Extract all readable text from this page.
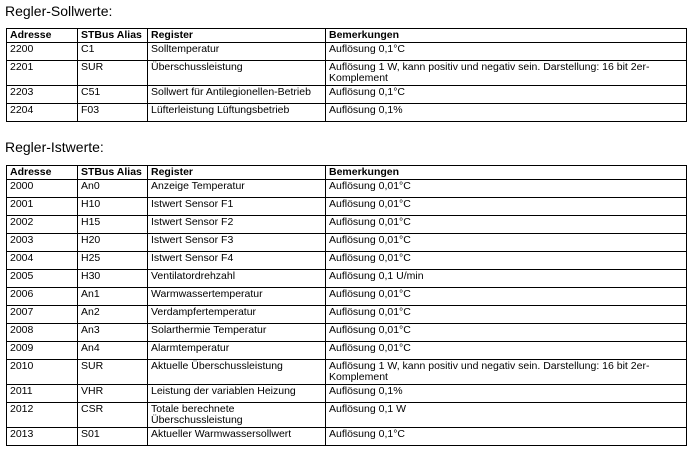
Regler-Sollwerte:
Adresse	STBus Alias	Register	Bemerkungen
2200	C1	Solltemperatur	Auflösung 0,1°C
2201	SUR	Überschussleistung	Auflösung 1 W, kann positiv und negativ sein. Darstellung: 16 bit 2er-Komplement
2203	C51	Sollwert für Antilegionellen-Betrieb	Auflösung 0,1°C
2204	F03	Lüfterleistung Lüftungsbetrieb	Auflösung 0,1%
Regler-Istwerte:
Adresse	STBus Alias	Register	Bemerkungen
2000	An0	Anzeige Temperatur	Auflösung 0,01°C
2001	H10	Istwert Sensor F1	Auflösung 0,01°C
2002	H15	Istwert Sensor F2	Auflösung 0,01°C
2003	H20	Istwert Sensor F3	Auflösung 0,01°C
2004	H25	Istwert Sensor F4	Auflösung 0,01°C
2005	H30	Ventilatordrehzahl	Auflösung 0,1 U/min
2006	An1	Warmwassertemperatur	Auflösung 0,01°C
2007	An2	Verdampfertemperatur	Auflösung 0,01°C
2008	An3	Solarthermie Temperatur	Auflösung 0,01°C
2009	An4	Alarmtemperatur	Auflösung 0,01°C
2010	SUR	Aktuelle Überschussleistung	Auflösung 1 W, kann positiv und negativ sein. Darstellung: 16 bit 2er-Komplement
2011	VHR	Leistung der variablen Heizung	Auflösung 0,1%
2012	CSR	Totale berechnete Überschussleistung	Auflösung 0,1 W
2013	S01	Aktueller Warmwassersollwert	Auflösung 0,1°C
